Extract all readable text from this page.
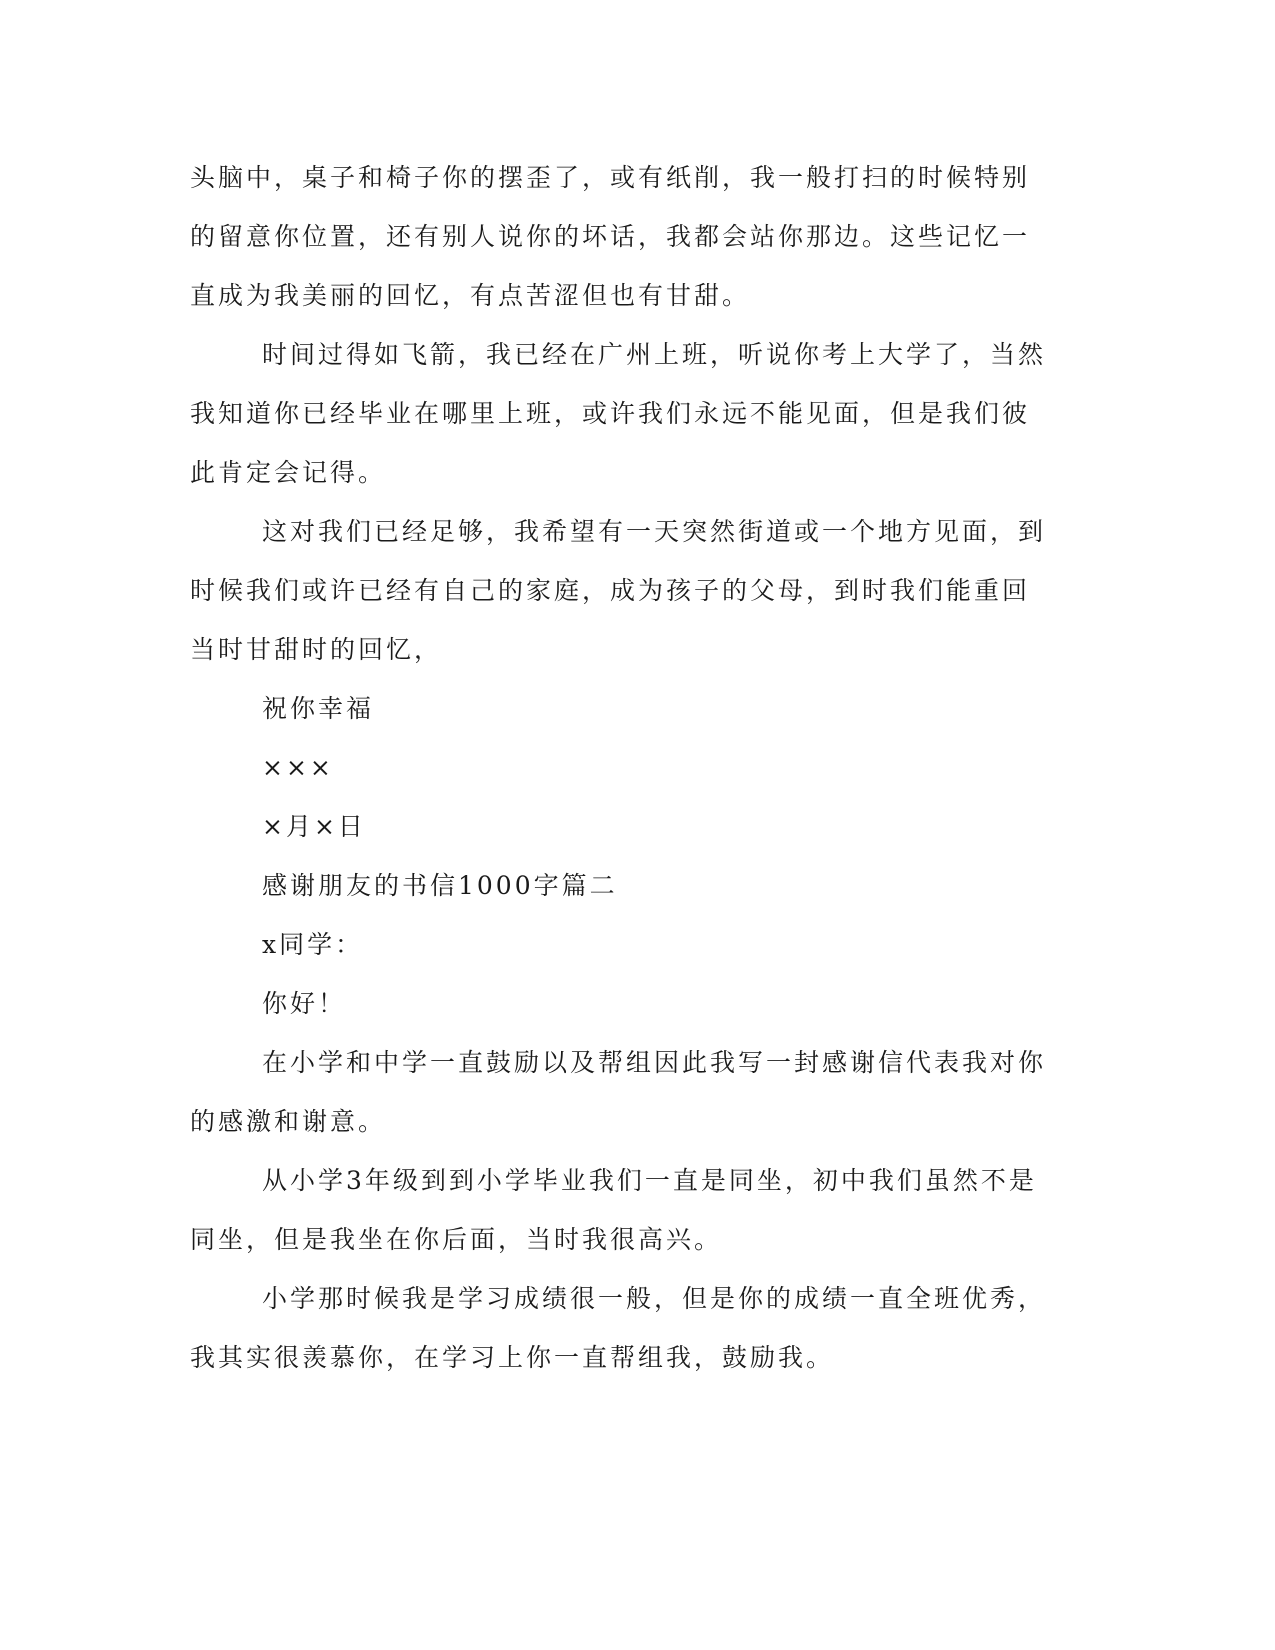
头脑中，桌子和椅子你的摆歪了，或有纸削，我一般打扫的时候特别
的留意你位置，还有别人说你的坏话，我都会站你那边。这些记忆一
直成为我美丽的回忆，有点苦涩但也有甘甜。
时间过得如飞箭，我已经在广州上班，听说你考上大学了，当然
我知道你已经毕业在哪里上班，或许我们永远不能见面，但是我们彼
此肯定会记得。
这对我们已经足够，我希望有一天突然街道或一个地方见面，到
时候我们或许已经有自己的家庭，成为孩子的父母，到时我们能重回
当时甘甜时的回忆，
祝你幸福
×××
×月×日
感谢朋友的书信1000字篇二
x同学：
你好！
在小学和中学一直鼓励以及帮组因此我写一封感谢信代表我对你
的感激和谢意。
从小学3年级到到小学毕业我们一直是同坐，初中我们虽然不是
同坐，但是我坐在你后面，当时我很高兴。
小学那时候我是学习成绩很一般，但是你的成绩一直全班优秀，
我其实很羡慕你，在学习上你一直帮组我，鼓励我。
